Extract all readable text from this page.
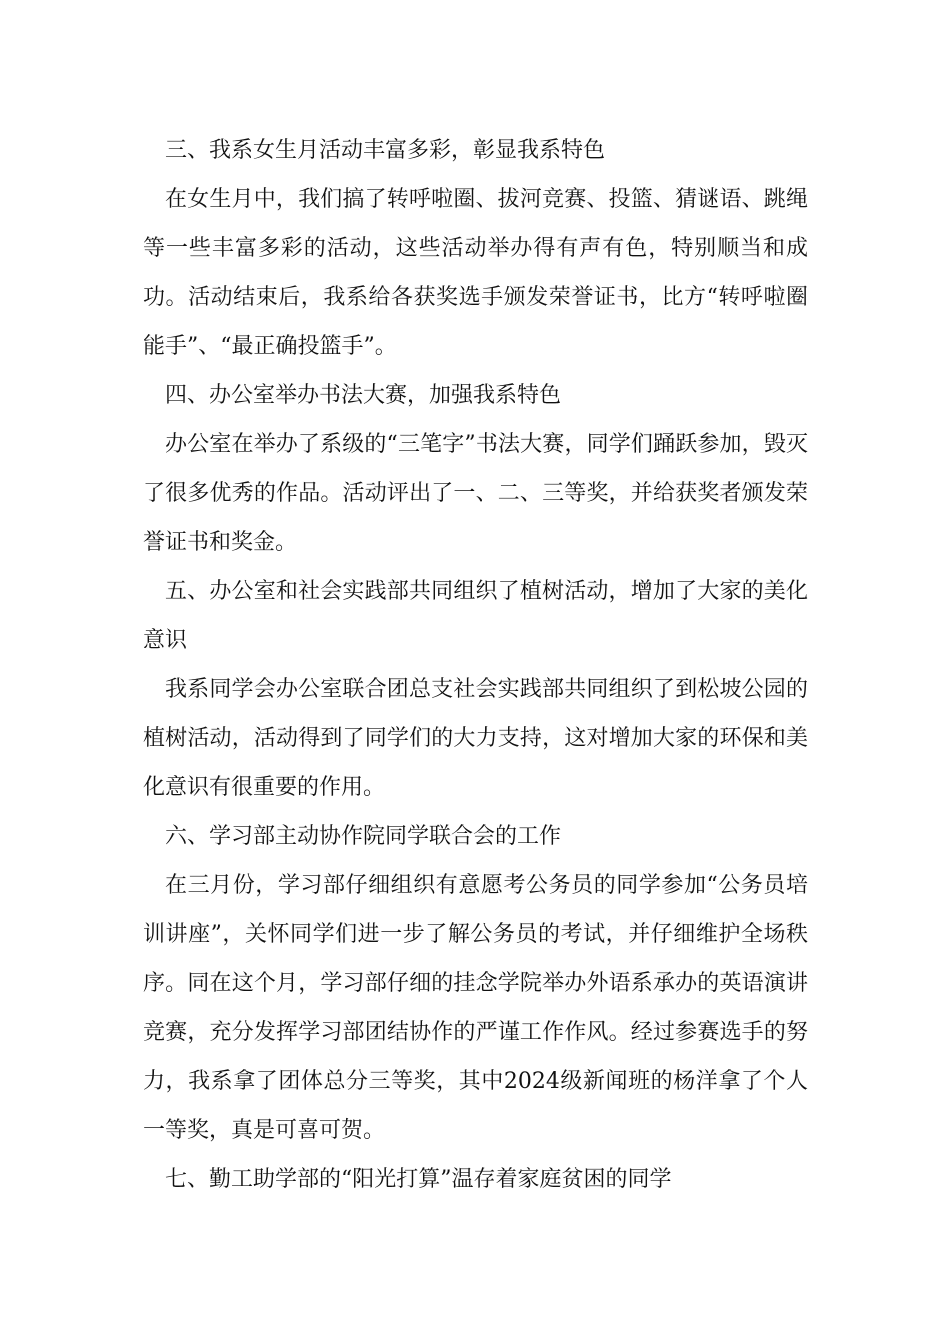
三、我系女生月活动丰富多彩，彰显我系特色

在女生月中，我们搞了转呼啦圈、拔河竞赛、投篮、猜谜语、跳绳等一些丰富多彩的活动，这些活动举办得有声有色，特别顺当和成功。活动结束后，我系给各获奖选手颁发荣誉证书，比方“转呼啦圈能手”、“最正确投篮手”。

四、办公室举办书法大赛，加强我系特色

办公室在举办了系级的“三笔字”书法大赛，同学们踊跃参加，毁灭了很多优秀的作品。活动评出了一、二、三等奖，并给获奖者颁发荣誉证书和奖金。

五、办公室和社会实践部共同组织了植树活动，增加了大家的美化意识

我系同学会办公室联合团总支社会实践部共同组织了到松坡公园的植树活动，活动得到了同学们的大力支持，这对增加大家的环保和美化意识有很重要的作用。

六、学习部主动协作院同学联合会的工作

在三月份，学习部仔细组织有意愿考公务员的同学参加“公务员培训讲座”，关怀同学们进一步了解公务员的考试，并仔细维护全场秩序。同在这个月，学习部仔细的挂念学院举办外语系承办的英语演讲竞赛，充分发挥学习部团结协作的严谨工作作风。经过参赛选手的努力，我系拿了团体总分三等奖，其中2024级新闻班的杨洋拿了个人一等奖，真是可喜可贺。

七、勤工助学部的“阳光打算”温存着家庭贫困的同学
